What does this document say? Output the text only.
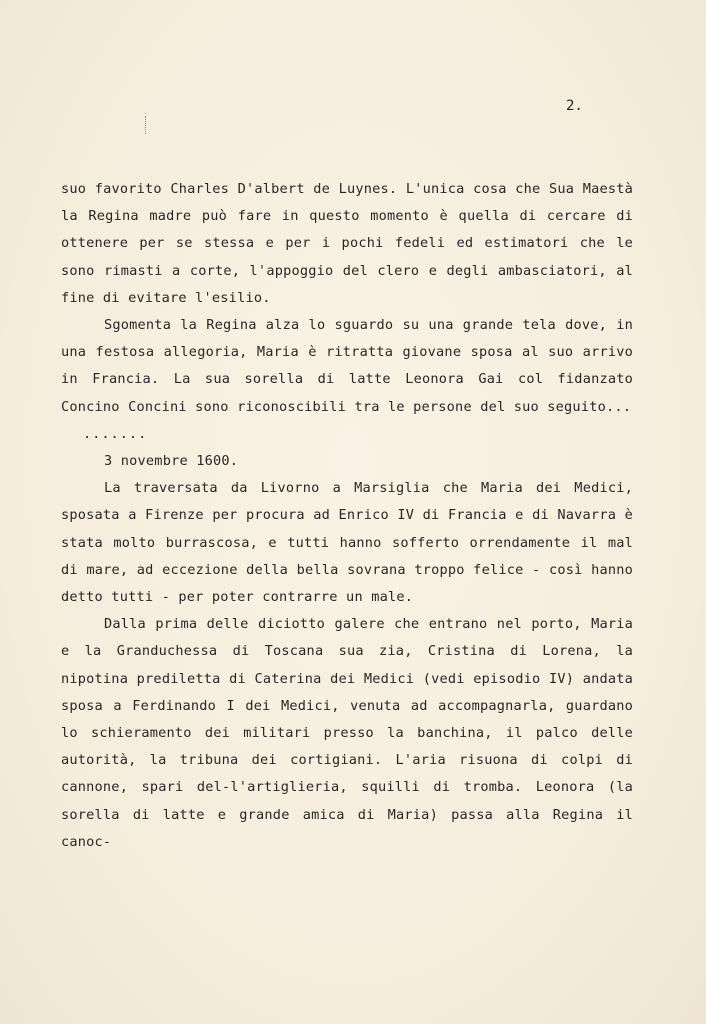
2.

suo favorito Charles D'albert de Luynes. L'unica cosa che Sua Maestà la Regina madre può fare in questo momento è quella di cercare di ottenere per se stessa e per i pochi fedeli ed estimatori che le sono rimasti a corte, l'appoggio del clero e degli ambasciatori, al fine di evitare l'esilio.

Sgomenta la Regina alza lo sguardo su una grande tela dove, in una festosa allegoria, Maria è ritratta giovane sposa al suo arrivo in Francia. La sua sorella di latte Leonora Gai col fidanzato Concino Concini sono riconoscibili tra le persone del suo seguito...

.......

3 novembre 1600.

La traversata da Livorno a Marsiglia che Maria dei Medici, sposata a Firenze per procura ad Enrico IV di Francia e di Navarra è stata molto burrascosa, e tutti hanno sofferto orrendamente il mal di mare, ad eccezione della bella sovrana troppo felice - così hanno detto tutti - per poter contrarre un male.

Dalla prima delle diciotto galere che entrano nel porto, Maria e la Granduchessa di Toscana sua zia, Cristina di Lorena, la nipotina prediletta di Caterina dei Medici (vedi episodio IV) andata sposa a Ferdinando I dei Medici, venuta ad accompagnarla, guardano lo schieramento dei militari presso la banchina, il palco delle autorità, la tribuna dei cortigiani. L'aria risuona di colpi di cannone, spari del-l'artiglieria, squilli di tromba. Leonora (la sorella di latte e grande amica di Maria) passa alla Regina il canoc-
